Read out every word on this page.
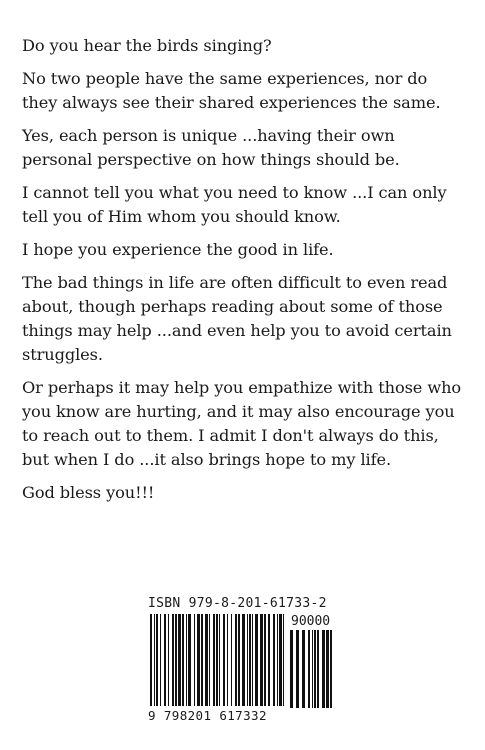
Do you hear the birds singing?

No two people have the same experiences, nor do they always see their shared experiences the same.

Yes, each person is unique ...having their own personal perspective on how things should be.

I cannot tell you what you need to know ...I can only tell you of Him whom you should know.

I hope you experience the good in life.

The bad things in life are often difficult to even read about, though perhaps reading about some of those things may help ...and even help you to avoid certain struggles.

Or perhaps it may help you empathize with those who you know are hurting, and it may also encourage you to reach out to them. I admit I don't always do this, but when I do ...it also brings hope to my life.

God bless you!!!

ISBN 979-8-201-61733-2
90000
9 798201 617332
